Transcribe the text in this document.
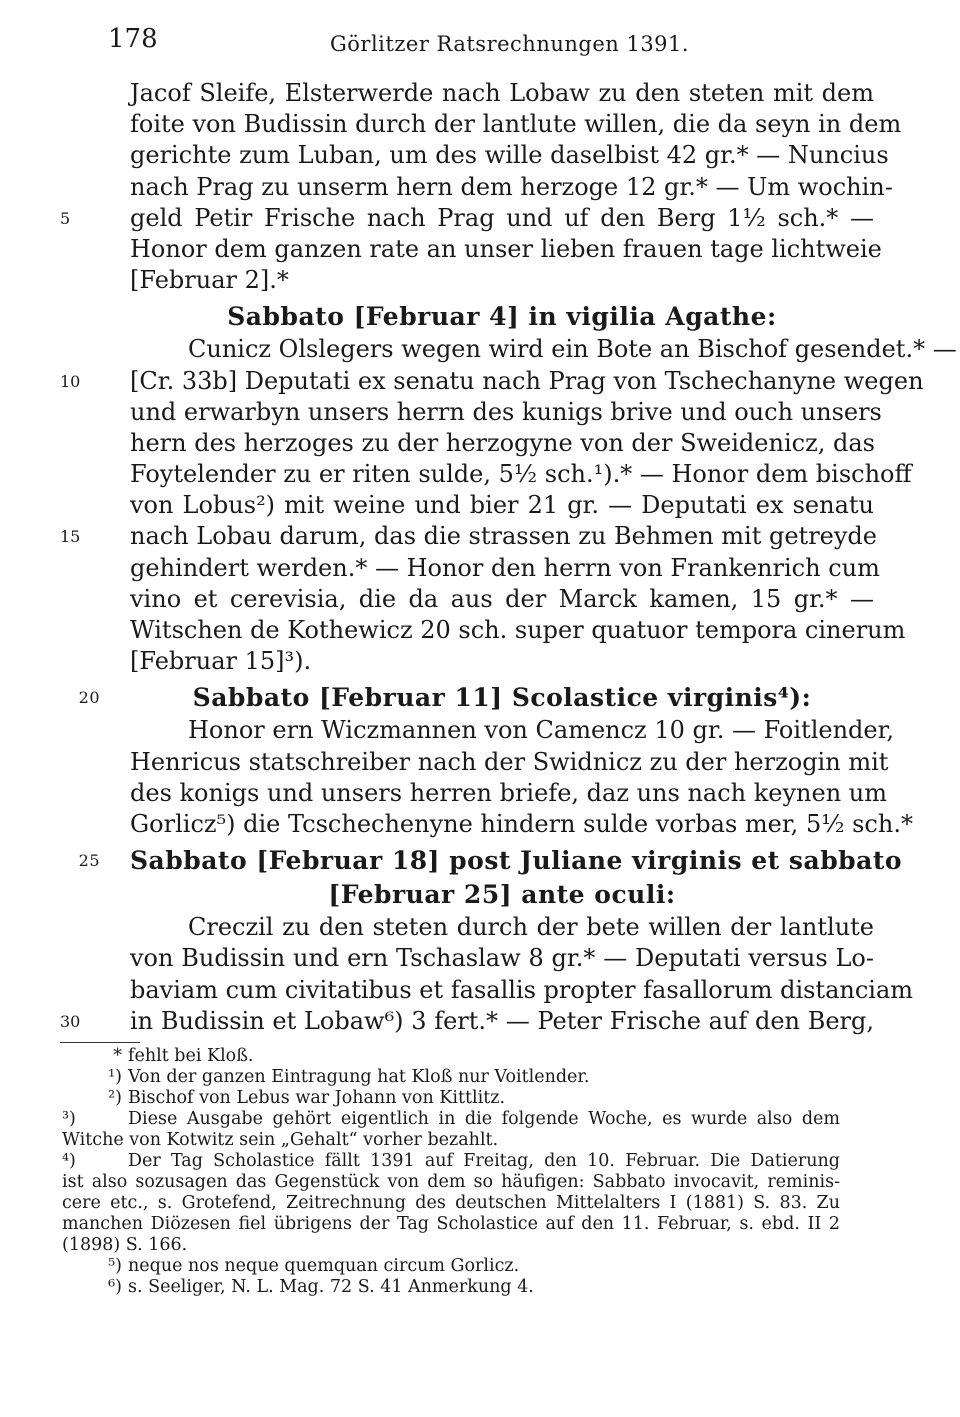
178	Görlitzer Ratsrechnungen 1391.
Jacof Sleife, Elsterwerde nach Lobaw zu den steten mit dem
foite von Budissin durch der lantlute willen, die da seyn in dem
gerichte zum Luban, um des wille daselbist 42 gr.* — Nuncius
nach Prag zu unserm hern dem herzoge 12 gr.* — Um wochin-
5	geld Petir Frische nach Prag und uf den Berg 1½ sch.* —
Honor dem ganzen rate an unser lieben frauen tage lichtweie
[Februar 2].*
Sabbato [Februar 4] in vigilia Agathe:
Cunicz Olslegers wegen wird ein Bote an Bischof gesendet.* —
10	[Cr. 33b] Deputati ex senatu nach Prag von Tschechanyne wegen
und erwarbyn unsers herrn des kunigs brive und ouch unsers
hern des herzoges zu der herzogyne von der Sweidenicz, das
Foytelender zu er riten sulde, 5½ sch.¹).* — Honor dem bischoff
von Lobus²) mit weine und bier 21 gr. — Deputati ex senatu
15	nach Lobau darum, das die strassen zu Behmen mit getreyde
gehindert werden.* — Honor den herrn von Frankenrich cum
vino et cerevisia, die da aus der Marck kamen, 15 gr.* —
Witschen de Kothewicz 20 sch. super quatuor tempora cinerum
[Februar 15]³).
20	Sabbato [Februar 11] Scolastice virginis⁴):
Honor ern Wiczmannen von Camencz 10 gr. — Foitlender,
Henricus statschreiber nach der Swidnicz zu der herzogin mit
des konigs und unsers herren briefe, daz uns nach keynen um
Gorlicz⁵) die Tcschechenyne hindern sulde vorbas mer, 5½ sch.*
25 Sabbato [Februar 18] post Juliane virginis et sabbato
[Februar 25] ante oculi:
Creczil zu den steten durch der bete willen der lantlute
von Budissin und ern Tschaslaw 8 gr.* — Deputati versus Lo-
baviam cum civitatibus et fasallis propter fasallorum distanciam
30	in Budissin et Lobaw⁶) 3 fert.* — Peter Frische auf den Berg,
* fehlt bei Kloß.
¹) Von der ganzen Eintragung hat Kloß nur Voitlender.
²) Bischof von Lebus war Johann von Kittlitz.
³)	Diese Ausgabe gehört eigentlich in die folgende Woche, es wurde also dem
Witche von Kotwitz sein „Gehalt“ vorher bezahlt.
⁴)	Der Tag Scholastice fällt 1391 auf Freitag, den 10. Februar. Die Datierung
ist also sozusagen das Gegenstück von dem so häufigen: Sabbato invocavit, reminis-
cere etc., s. Grotefend, Zeitrechnung des deutschen Mittelalters I (1881) S. 83. Zu
manchen Diözesen fiel übrigens der Tag Scholastice auf den 11. Februar, s. ebd. II 2
(1898) S. 166.
⁵) neque nos neque quemquan circum Gorlicz.
⁶) s. Seeliger, N. L. Mag. 72 S. 41 Anmerkung 4.
